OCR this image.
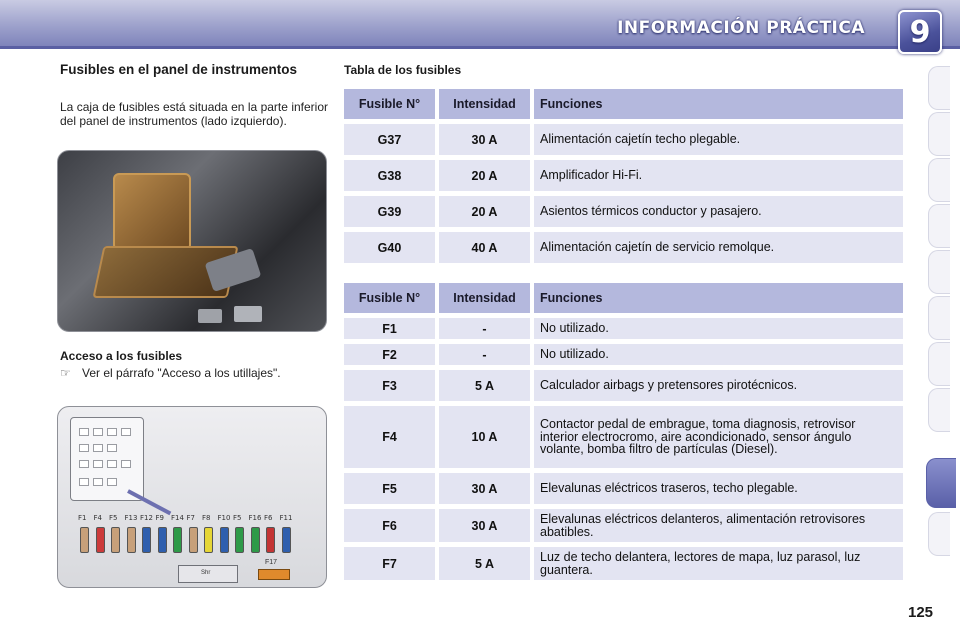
INFORMACIÓN PRÁCTICA 9
Fusibles en el panel de instrumentos
La caja de fusibles está situada en la parte inferior del panel de instrumentos (lado izquierdo).
Acceso a los fusibles
☞ Ver el párrafo "Acceso a los utillajes".
F1 F4 F5 F13 F12 F9 F14 F7 F8 F10 F5 F16 F6 F11
Shr
F17
Tabla de los fusibles
Fusible N°	Intensidad	Funciones
G37	30 A	Alimentación cajetín techo plegable.
G38	20 A	Amplificador Hi-Fi.
G39	20 A	Asientos térmicos conductor y pasajero.
G40	40 A	Alimentación cajetín de servicio remolque.
Fusible N°	Intensidad	Funciones
F1	-	No utilizado.
F2	-	No utilizado.
F3	5 A	Calculador airbags y pretensores pirotécnicos.
F4	10 A	Contactor pedal de embrague, toma diagnosis, retrovisor interior electrocromo, aire acondicionado, sensor ángulo volante, bomba filtro de partículas (Diesel).
F5	30 A	Elevalunas eléctricos traseros, techo plegable.
F6	30 A	Elevalunas eléctricos delanteros, alimentación retrovisores abatibles.
F7	5 A	Luz de techo delantera, lectores de mapa, luz parasol, luz guantera.
125
